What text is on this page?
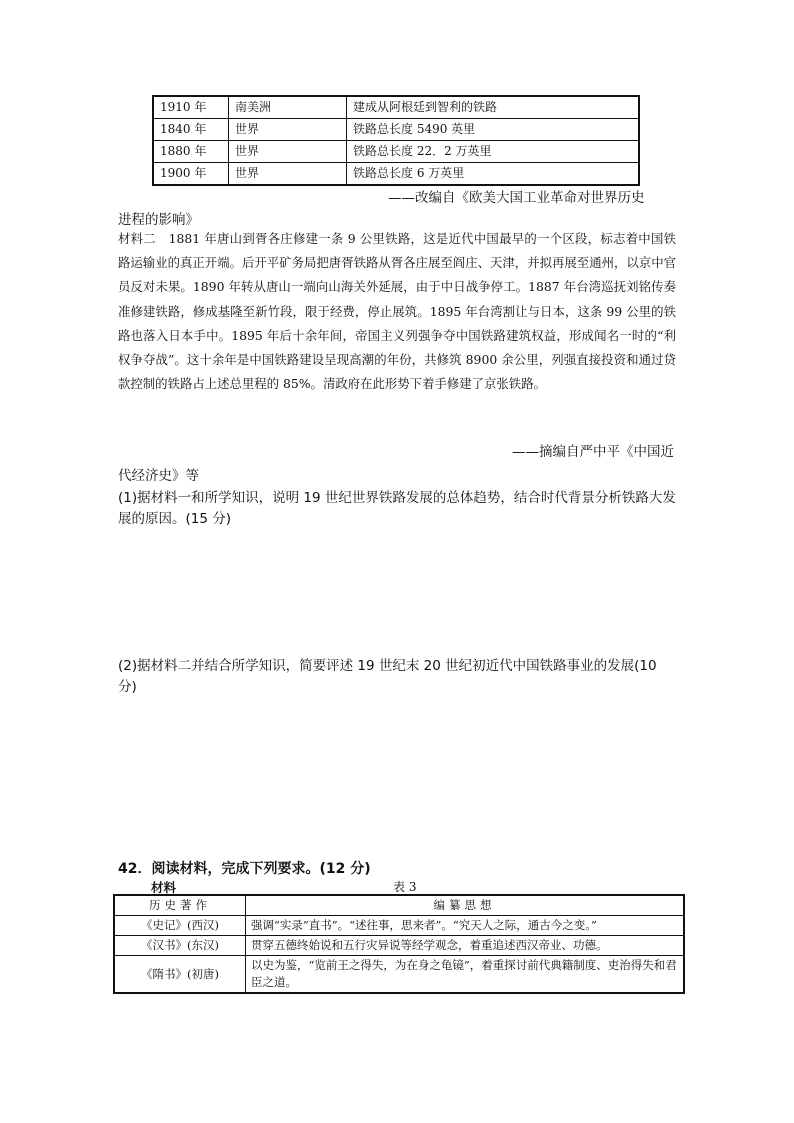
1910 年	南美洲	建成从阿根廷到智利的铁路
1840 年	世界	铁路总长度 5490 英里
1880 年	世界	铁路总长度 22．2 万英里
1900 年	世界	铁路总长度 6 万英里
——改编自《欧美大国工业革命对世界历史
进程的影响》
材料二　1881 年唐山到胥各庄修建一条 9 公里铁路，这是近代中国最早的一个区段，标志着中国铁路运输业的真正开端。后开平矿务局把唐胥铁路从胥各庄展至阎庄、天津，并拟再展至通州，以京中官员反对未果。1890 年转从唐山一端向山海关外延展，由于中日战争停工。1887 年台湾巡抚刘铭传奏准修建铁路，修成基隆至新竹段，限于经费，停止展筑。1895 年台湾割让与日本，这条 99 公里的铁路也落入日本手中。1895 年后十余年间，帝国主义列强争夺中国铁路建筑权益，形成闻名一时的“利权争夺战”。这十余年是中国铁路建设呈现高潮的年份，共修筑 8900 余公里，列强直接投资和通过贷款控制的铁路占上述总里程的 85%。清政府在此形势下着手修建了京张铁路。
——摘编自严中平《中国近
代经济史》等
(1)据材料一和所学知识，说明 19 世纪世界铁路发展的总体趋势，结合时代背景分析铁路大发展的原因。(15 分)
(2)据材料二并结合所学知识，简要评述 19 世纪末 20 世纪初近代中国铁路事业的发展(10 分)
42．阅读材料，完成下列要求。(12 分)
材料	表 3
历史著作	编纂思想
《史记》(西汉)	强调“实录”直书”。“述往事，思来者”。“究天人之际，通古今之变。”
《汉书》(东汉)	贯穿五德终始说和五行灾异说等经学观念，着重追述西汉帝业、功德。
《隋书》(初唐)	以史为鉴，“览前王之得失，为在身之龟镜”，着重探讨前代典籍制度、吏治得失和君臣之道。
